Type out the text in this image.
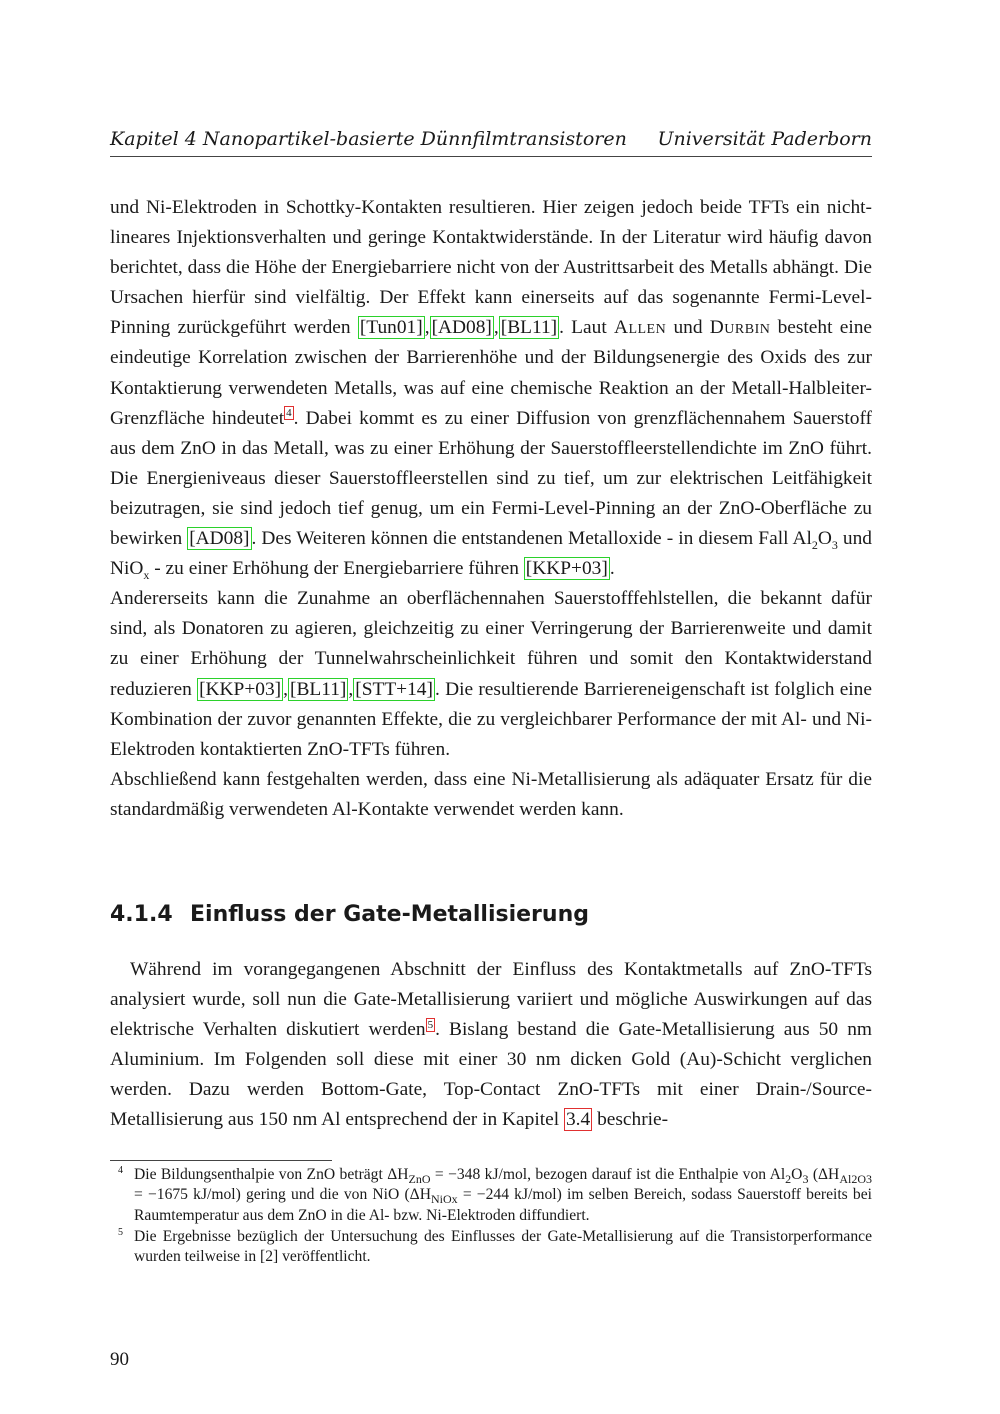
Kapitel 4 Nanopartikel-basierte Dünnfilmtransistoren Universität Paderborn

und Ni-Elektroden in Schottky-Kontakten resultieren. Hier zeigen jedoch beide TFTs ein nicht-lineares Injektionsverhalten und geringe Kontaktwiderstände. In der Literatur wird häufig davon berichtet, dass die Höhe der Energiebarriere nicht von der Austrittsarbeit des Metalls abhängt. Die Ursachen hierfür sind vielfältig. Der Effekt kann einerseits auf das sogenannte Fermi-Level-Pinning zurückgeführt werden [Tun01] , [AD08] , [BL11] . Laut Allen und Durbin besteht eine eindeutige Korrelation zwischen der Barrierenhöhe und der Bildungsenergie des Oxids des zur Kontaktierung verwendeten Metalls, was auf eine chemische Reaktion an der Metall-Halbleiter-Grenzfläche hindeutet $^4$ . Dabei kommt es zu einer Diffusion von grenzflächennahem Sauerstoff aus dem ZnO in das Metall, was zu einer Erhöhung der Sauerstoffleerstellendichte im ZnO führt. Die Energieniveaus dieser Sauerstoffleerstellen sind zu tief, um zur elektrischen Leitfähigkeit beizutragen, sie sind jedoch tief genug, um ein Fermi-Level-Pinning an der ZnO-Oberfläche zu bewirken [AD08] . Des Weiteren können die entstandenen Metalloxide - in diesem Fall $Al_2O_3$ und NiO$_x$ - zu einer Erhöhung der Energiebarriere führen [KKP+03] .

Andererseits kann die Zunahme an oberflächennahen Sauerstofffehlstellen, die bekannt dafür sind, als Donatoren zu agieren, gleichzeitig zu einer Verringerung der Barrierenweite und damit zu einer Erhöhung der Tunnelwahrscheinlichkeit führen und somit den Kontaktwiderstand reduzieren [KKP+03] , [BL11] , [STT+14] . Die resultierende Barriereneigenschaft ist folglich eine Kombination der zuvor genannten Effekte, die zu vergleichbarer Performance der mit Al- und Ni-Elektroden kontaktierten ZnO-TFTs führen.

Abschließend kann festgehalten werden, dass eine Ni-Metallisierung als adäquater Ersatz für die standardmäßig verwendeten Al-Kontakte verwendet werden kann.

4.1.4 Einfluss der Gate-Metallisierung

Während im vorangegangenen Abschnitt der Einfluss des Kontaktmetalls auf ZnO-TFTs analysiert wurde, soll nun die Gate-Metallisierung variiert und mögliche Auswirkungen auf das elektrische Verhalten diskutiert werden $^5$ . Bislang bestand die Gate-Metallisierung aus 50 nm Aluminium. Im Folgenden soll diese mit einer 30 nm dicken Gold (Au)-Schicht verglichen werden. Dazu werden Bottom-Gate, Top-Contact ZnO-TFTs mit einer Drain-/Source-Metallisierung aus 150 nm Al entsprechend der in Kapitel 3.4 beschrie-

4 Die Bildungsenthalpie von ZnO beträgt $\Delta H_{ZnO} = -348$ kJ/mol, bezogen darauf ist die Enthalpie von $Al_2O_3$ ($\Delta H_{Al2O3} = -1675$ kJ/mol) gering und die von NiO ($\Delta H_{NiOx} = -244$ kJ/mol) im selben Bereich, sodass Sauerstoff bereits bei Raumtemperatur aus dem ZnO in die Al- bzw. Ni-Elektroden diffundiert.
5 Die Ergebnisse bezüglich der Untersuchung des Einflusses der Gate-Metallisierung auf die Transistorperformance wurden teilweise in [2] veröffentlicht.
90
